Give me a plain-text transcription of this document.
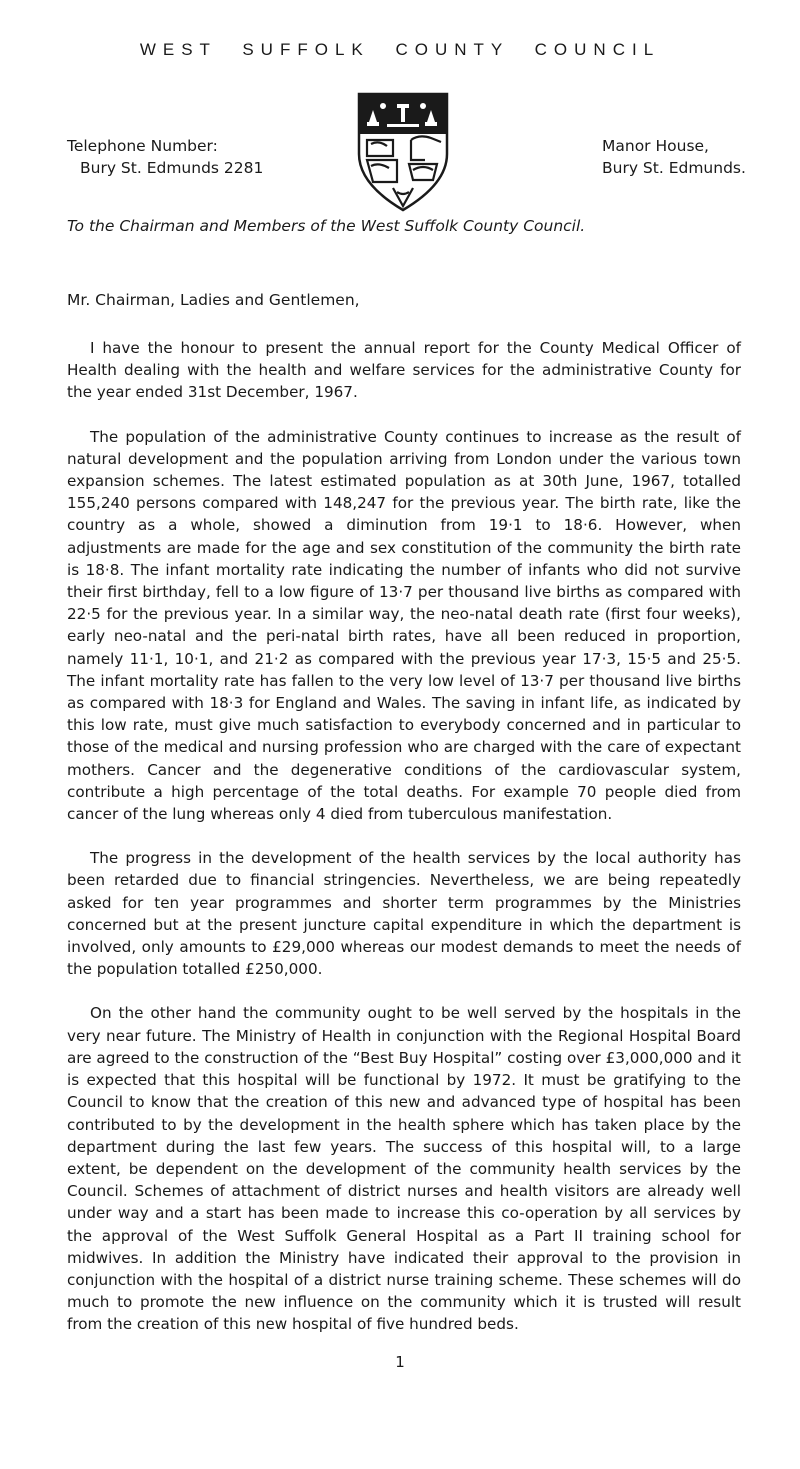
WEST SUFFOLK COUNTY COUNCIL
Telephone Number:
Bury St. Edmunds 2281
Manor House,
Bury St. Edmunds.
To the Chairman and Members of the West Suffolk County Council.
Mr. Chairman, Ladies and Gentlemen,

I have the honour to present the annual report for the County Medical Officer of Health dealing with the health and welfare services for the administrative County for the year ended 31st December, 1967.

The population of the administrative County continues to increase as the result of natural development and the population arriving from London under the various town expansion schemes. The latest estimated population as at 30th June, 1967, totalled 155,240 persons compared with 148,247 for the previous year. The birth rate, like the country as a whole, showed a diminution from 19·1 to 18·6. However, when adjustments are made for the age and sex constitution of the community the birth rate is 18·8. The infant mortality rate indicating the number of infants who did not survive their first birthday, fell to a low figure of 13·7 per thousand live births as compared with 22·5 for the previous year. In a similar way, the neo-natal death rate (first four weeks), early neo-natal and the peri-natal birth rates, have all been reduced in proportion, namely 11·1, 10·1, and 21·2 as compared with the previous year 17·3, 15·5 and 25·5. The infant mortality rate has fallen to the very low level of 13·7 per thousand live births as compared with 18·3 for England and Wales. The saving in infant life, as indicated by this low rate, must give much satisfaction to everybody concerned and in particular to those of the medical and nursing profession who are charged with the care of expectant mothers. Cancer and the degenerative conditions of the cardiovascular system, contribute a high percentage of the total deaths. For example 70 people died from cancer of the lung whereas only 4 died from tuberculous manifestation.

The progress in the development of the health services by the local authority has been retarded due to financial stringencies. Nevertheless, we are being repeatedly asked for ten year programmes and shorter term programmes by the Ministries concerned but at the present juncture capital expenditure in which the department is involved, only amounts to £29,000 whereas our modest demands to meet the needs of the population totalled £250,000.

On the other hand the community ought to be well served by the hospitals in the very near future. The Ministry of Health in conjunction with the Regional Hospital Board are agreed to the construction of the “Best Buy Hospital” costing over £3,000,000 and it is expected that this hospital will be functional by 1972. It must be gratifying to the Council to know that the creation of this new and advanced type of hospital has been contributed to by the development in the health sphere which has taken place by the department during the last few years. The success of this hospital will, to a large extent, be dependent on the development of the community health services by the Council. Schemes of attachment of district nurses and health visitors are already well under way and a start has been made to increase this co-operation by all services by the approval of the West Suffolk General Hospital as a Part II training school for midwives. In addition the Ministry have indicated their approval to the provision in conjunction with the hospital of a district nurse training scheme. These schemes will do much to promote the new influence on the community which it is trusted will result from the creation of this new hospital of five hundred beds.

1
